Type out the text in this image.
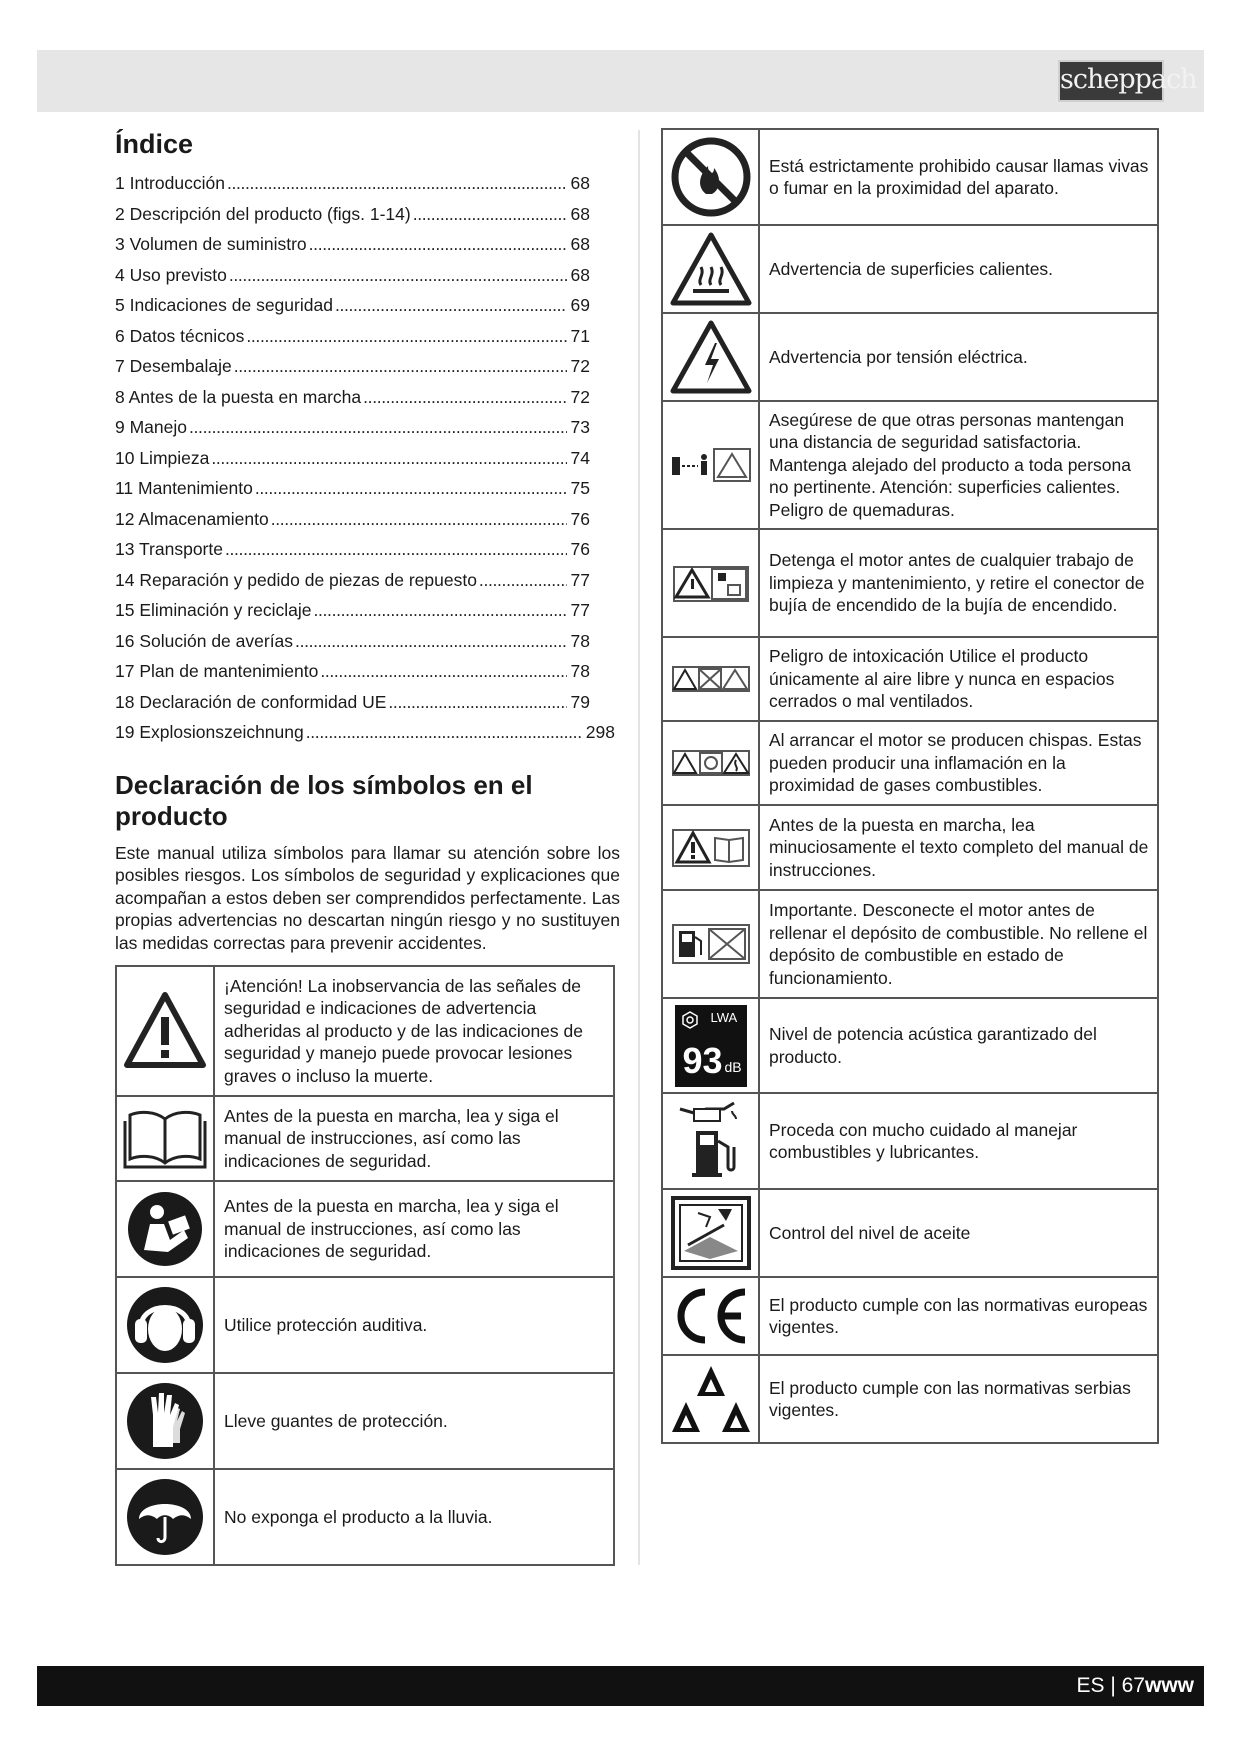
scheppach
Índice
1 Introducción . . .	68
2 Descripción del producto (figs. 1-14) . . .	68
3 Volumen de suministro . . .	68
4 Uso previsto . . .	68
5 Indicaciones de seguridad . . .	69
6 Datos técnicos . . .	71
7 Desembalaje . . .	72
8 Antes de la puesta en marcha . . .	72
9 Manejo . . .	73
10 Limpieza . . .	74
11 Mantenimiento . . .	75
12 Almacenamiento . . .	76
13 Transporte . . .	76
14 Reparación y pedido de piezas de repuesto . . .	77
15 Eliminación y reciclaje . . .	77
16 Solución de averías . . .	78
17 Plan de mantenimiento . . .	78
18 Declaración de conformidad UE . . .	79
19 Explosionszeichnung . . .	298
Declaración de los símbolos en el producto

Este manual utiliza símbolos para llamar su atención sobre los posibles riesgos. Los símbolos de seguridad y explicaciones que acompañan a estos deben ser comprendidos perfectamente. Las propias advertencias no descartan ningún riesgo y no sustituyen las medidas correctas para prevenir accidentes.

	¡Atención! La inobservancia de las señales de seguridad e indicaciones de advertencia adheridas al producto y de las indicaciones de seguridad y manejo puede provocar lesiones graves o incluso la muerte.

	Antes de la puesta en marcha, lea y siga el manual de instrucciones, así como las indicaciones de seguridad.

	Antes de la puesta en marcha, lea y siga el manual de instrucciones, así como las indicaciones de seguridad.

	Utilice protección auditiva.

	Lleve guantes de protección.

	No exponga el producto a la lluvia.
	Está estrictamente prohibido causar llamas vivas o fumar en la proximidad del aparato.

	Advertencia de superficies calientes.

	Advertencia por tensión eléctrica.

	Asegúrese de que otras personas mantengan una distancia de seguridad satisfactoria. Mantenga alejado del producto a toda persona no pertinente. Atención: superficies calientes. Peligro de quemaduras.

	Detenga el motor antes de cualquier trabajo de limpieza y mantenimiento, y retire el conector de bujía de encendido de la bujía de encendido.

	Peligro de intoxicación Utilice el producto únicamente al aire libre y nunca en espacios cerrados o mal ventilados.

	Al arrancar el motor se producen chispas. Estas pueden producir una inflamación en la proximidad de gases combustibles.

	Antes de la puesta en marcha, lea minuciosamente el texto completo del manual de instrucciones.

	Importante. Desconecte el motor antes de rellenar el depósito de combustible. No rellene el depósito de combustible en estado de funcionamiento.

LWA
93 dB	Nivel de potencia acústica garantizado del producto.

	Proceda con mucho cuidado al manejar combustibles y lubricantes.

	Control del nivel de aceite

	El producto cumple con las normativas europeas vigentes.

	El producto cumple con las normativas serbias vigentes.
ES | 67www
